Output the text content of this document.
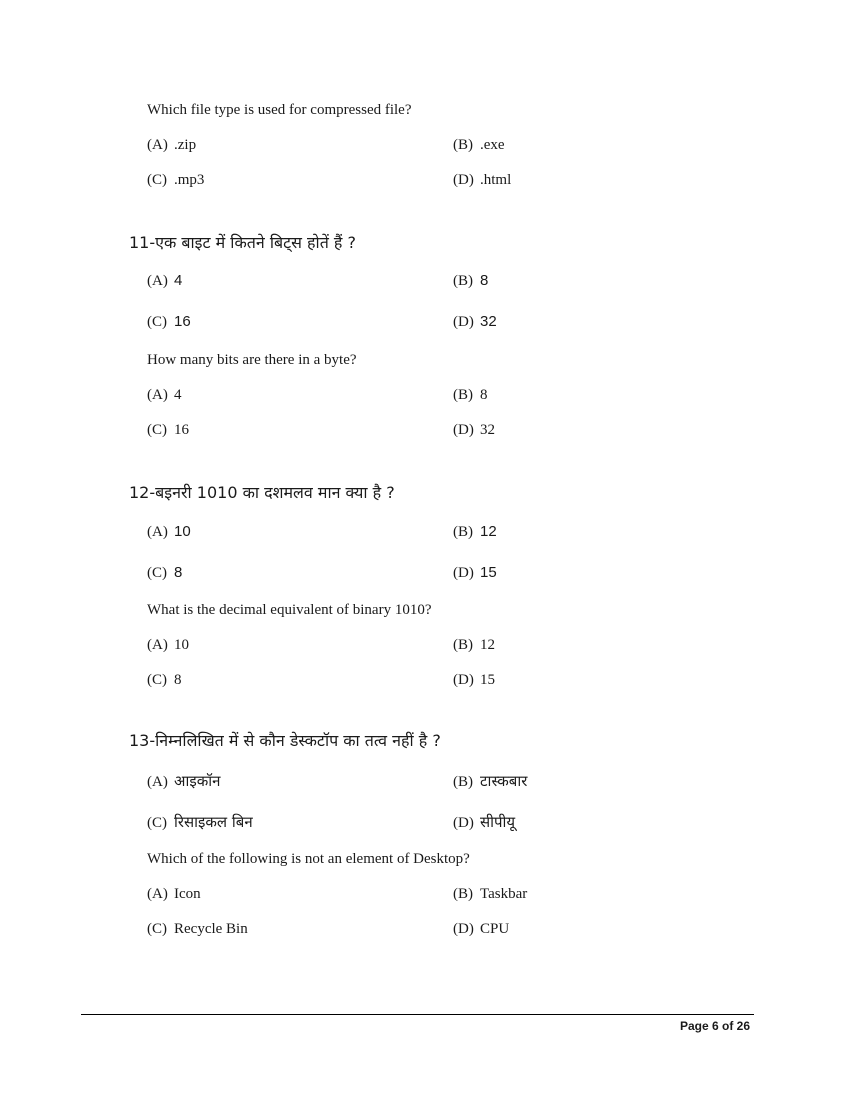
Which file type is used for compressed file?
(A) .zip	(B) .exe
(C) .mp3	(D) .html
11-एक बाइट में कितने बिट्स होतें हैं ?
(A) 4	(B) 8
(C) 16	(D) 32
How many bits are there in a byte?
(A) 4	(B) 8
(C) 16	(D) 32
12-बइनरी 1010 का दशमलव मान क्या है ?
(A) 10	(B) 12
(C) 8	(D) 15
What is the decimal equivalent of binary 1010?
(A) 10	(B) 12
(C) 8	(D) 15
13-निम्नलिखित में से कौन डेस्कटॉप का तत्व नहीं है ?
(A) आइकॉन	(B) टास्कबार
(C) रिसाइकल बिन	(D) सीपीयू
Which of the following is not an element of Desktop?
(A) Icon	(B) Taskbar
(C) Recycle Bin	(D) CPU
Page 6 of 26
